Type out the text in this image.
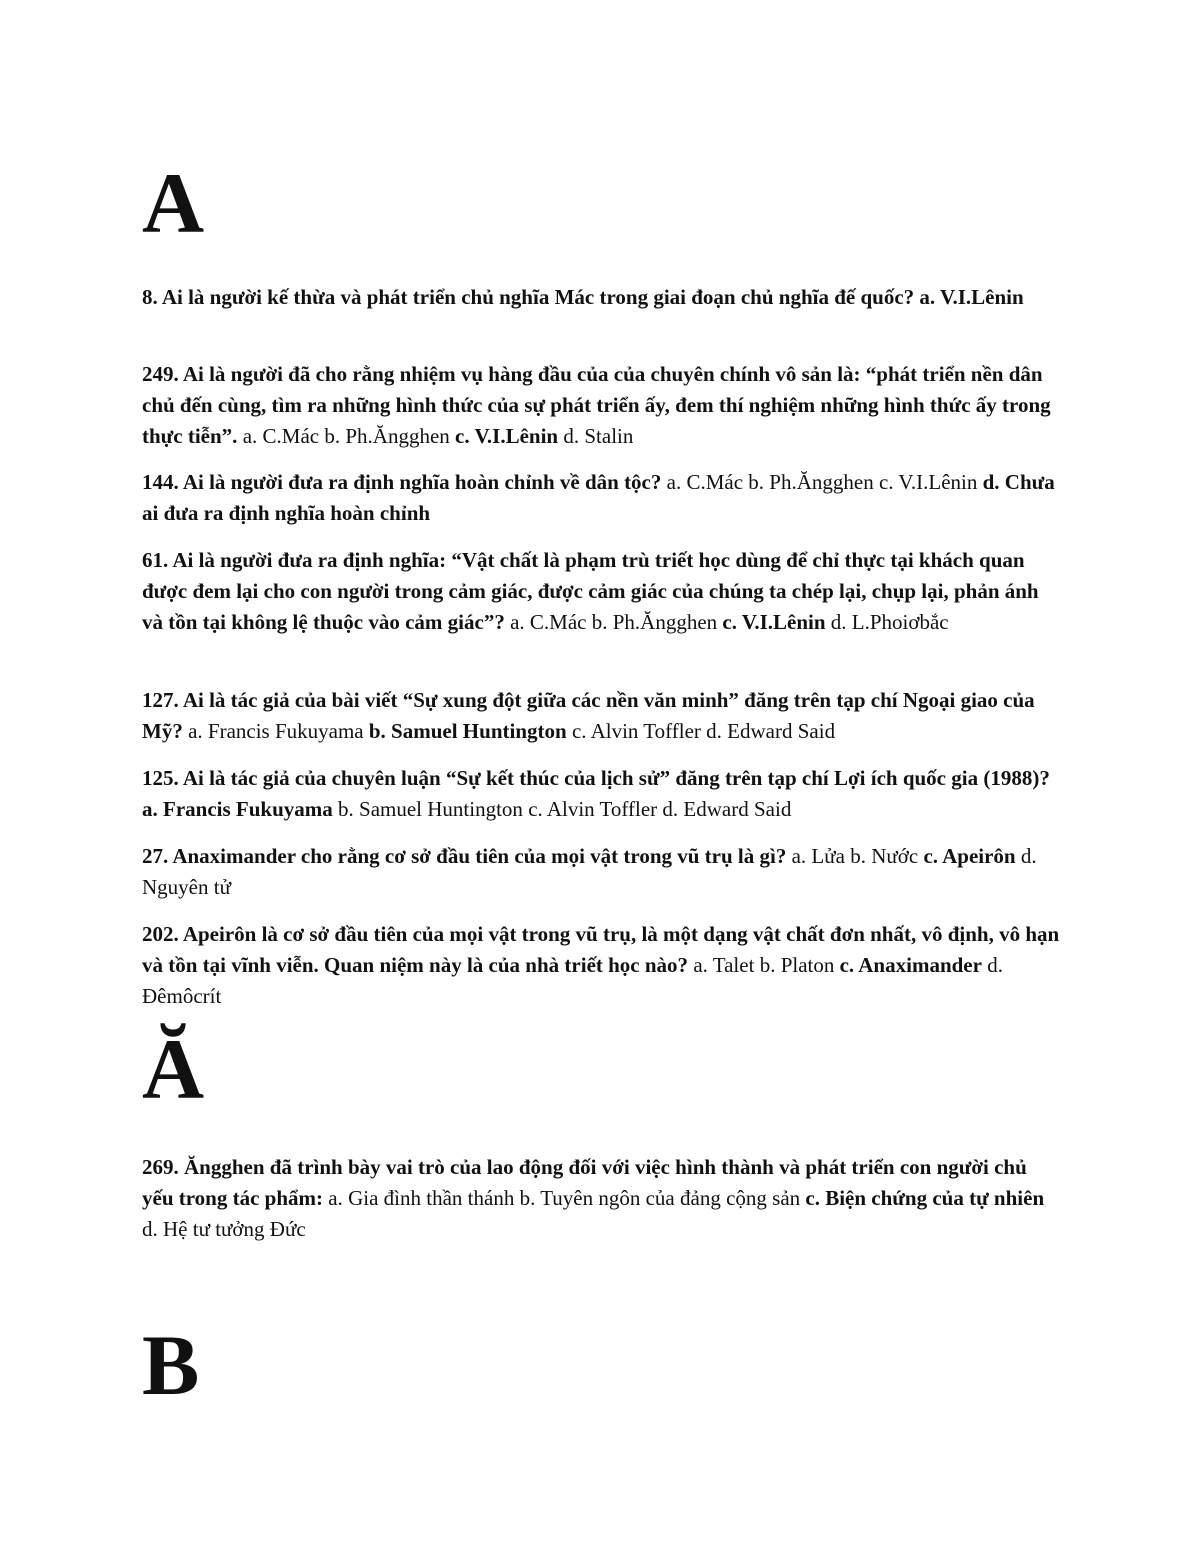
A

8. Ai là người kế thừa và phát triển chủ nghĩa Mác trong giai đoạn chủ nghĩa đế quốc? a. V.I.Lênin

249. Ai là người đã cho rằng nhiệm vụ hàng đầu của của chuyên chính vô sản là: “phát triển nền dân chủ đến cùng, tìm ra những hình thức của sự phát triển ấy, đem thí nghiệm những hình thức ấy trong thực tiễn”. a. C.Mác b. Ph.Ăngghen c. V.I.Lênin d. Stalin

144. Ai là người đưa ra định nghĩa hoàn chỉnh về dân tộc? a. C.Mác b. Ph.Ăngghen c. V.I.Lênin d. Chưa ai đưa ra định nghĩa hoàn chỉnh

61. Ai là người đưa ra định nghĩa: “Vật chất là phạm trù triết học dùng để chỉ thực tại khách quan được đem lại cho con người trong cảm giác, được cảm giác của chúng ta chép lại, chụp lại, phản ánh và tồn tại không lệ thuộc vào cảm giác”? a. C.Mác b. Ph.Ăngghen c. V.I.Lênin d. L.Phoiơbắc

127. Ai là tác giả của bài viết “Sự xung đột giữa các nền văn minh” đăng trên tạp chí Ngoại giao của Mỹ? a. Francis Fukuyama b. Samuel Huntington c. Alvin Toffler d. Edward Said

125. Ai là tác giả của chuyên luận “Sự kết thúc của lịch sử” đăng trên tạp chí Lợi ích quốc gia (1988)? a. Francis Fukuyama b. Samuel Huntington c. Alvin Toffler d. Edward Said

27. Anaximander cho rằng cơ sở đầu tiên của mọi vật trong vũ trụ là gì? a. Lửa b. Nước c. Apeirôn d. Nguyên tử

202. Apeirôn là cơ sở đầu tiên của mọi vật trong vũ trụ, là một dạng vật chất đơn nhất, vô định, vô hạn và tồn tại vĩnh viễn. Quan niệm này là của nhà triết học nào? a. Talet b. Platon c. Anaximander d. Đêmôcrít

Ă

269. Ăngghen đã trình bày vai trò của lao động đối với việc hình thành và phát triển con người chủ yếu trong tác phẩm: a. Gia đình thần thánh b. Tuyên ngôn của đảng cộng sản c. Biện chứng của tự nhiên d. Hệ tư tưởng Đức

B
